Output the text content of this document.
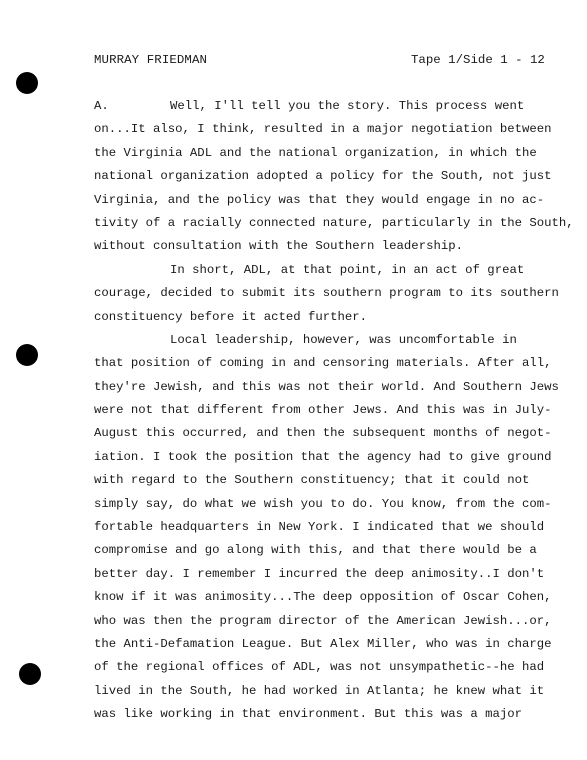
MURRAY FRIEDMAN	Tape 1/Side 1 - 12
A.	Well, I'll tell you the story. This process went
on...It also, I think, resulted in a major negotiation between
the Virginia ADL and the national organization, in which the
national organization adopted a policy for the South, not just
Virginia, and the policy was that they would engage in no ac-
tivity of a racially connected nature, particularly in the South,
without consultation with the Southern leadership.
In short, ADL, at that point, in an act of great
courage, decided to submit its southern program to its southern
constituency before it acted further.
Local leadership, however, was uncomfortable in
that position of coming in and censoring materials. After all,
they're Jewish, and this was not their world. And Southern Jews
were not that different from other Jews. And this was in July-
August this occurred, and then the subsequent months of negot-
iation. I took the position that the agency had to give ground
with regard to the Southern constituency; that it could not
simply say, do what we wish you to do. You know, from the com-
fortable headquarters in New York. I indicated that we should
compromise and go along with this, and that there would be a
better day. I remember I incurred the deep animosity..I don't
know if it was animosity...The deep opposition of Oscar Cohen,
who was then the program director of the American Jewish...or,
the Anti-Defamation League. But Alex Miller, who was in charge
of the regional offices of ADL, was not unsympathetic--he had
lived in the South, he had worked in Atlanta; he knew what it
was like working in that environment. But this was a major
